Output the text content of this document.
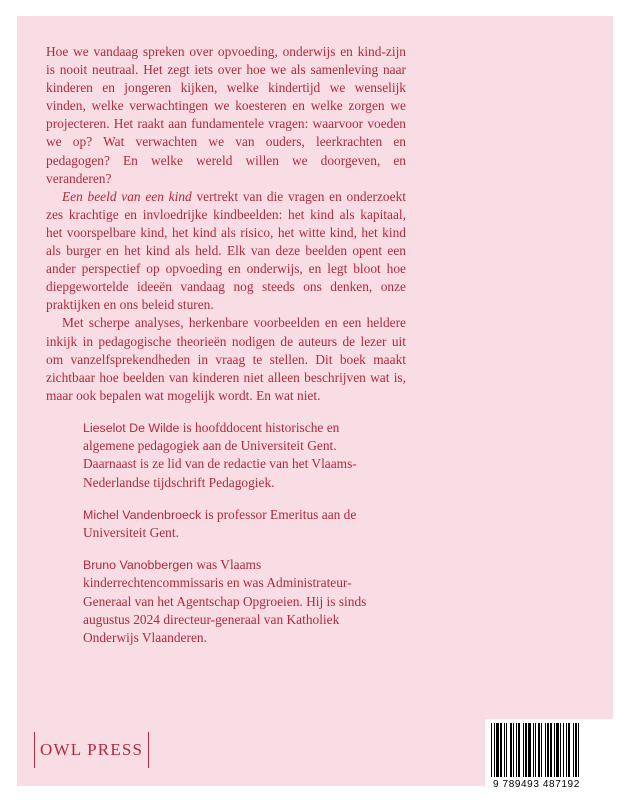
Hoe we vandaag spreken over opvoeding, onderwijs en kind-zijn is nooit neutraal. Het zegt iets over hoe we als samenleving naar kinderen en jongeren kijken, welke kindertijd we wenselijk vinden, welke verwachtingen we koesteren en welke zorgen we projecteren. Het raakt aan fundamentele vragen: waarvoor voeden we op? Wat verwachten we van ouders, leerkrachten en pedagogen? En welke wereld willen we doorgeven, en veranderen?

Een beeld van een kind vertrekt van die vragen en onderzoekt zes krachtige en invloedrijke kindbeelden: het kind als kapitaal, het voorspelbare kind, het kind als risico, het witte kind, het kind als burger en het kind als held. Elk van deze beelden opent een ander perspectief op opvoeding en onderwijs, en legt bloot hoe diepgewortelde ideeën vandaag nog steeds ons denken, onze praktijken en ons beleid sturen.

Met scherpe analyses, herkenbare voorbeelden en een heldere inkijk in pedagogische theorieën nodigen de auteurs de lezer uit om vanzelfsprekendheden in vraag te stellen. Dit boek maakt zichtbaar hoe beelden van kinderen niet alleen beschrijven wat is, maar ook bepalen wat mogelijk wordt. En wat niet.

Lieselot De Wilde is hoofddocent historische en algemene pedagogiek aan de Universiteit Gent. Daarnaast is ze lid van de redactie van het Vlaams-Nederlandse tijdschrift Pedagogiek.

Michel Vandenbroeck is professor Emeritus aan de Universiteit Gent.

Bruno Vanobbergen was Vlaams kinderrechtencommissaris en was Administrateur-Generaal van het Agentschap Opgroeien. Hij is sinds augustus 2024 directeur-generaal van Katholiek Onderwijs Vlaanderen.

OWL PRESS
9 789493 487192
